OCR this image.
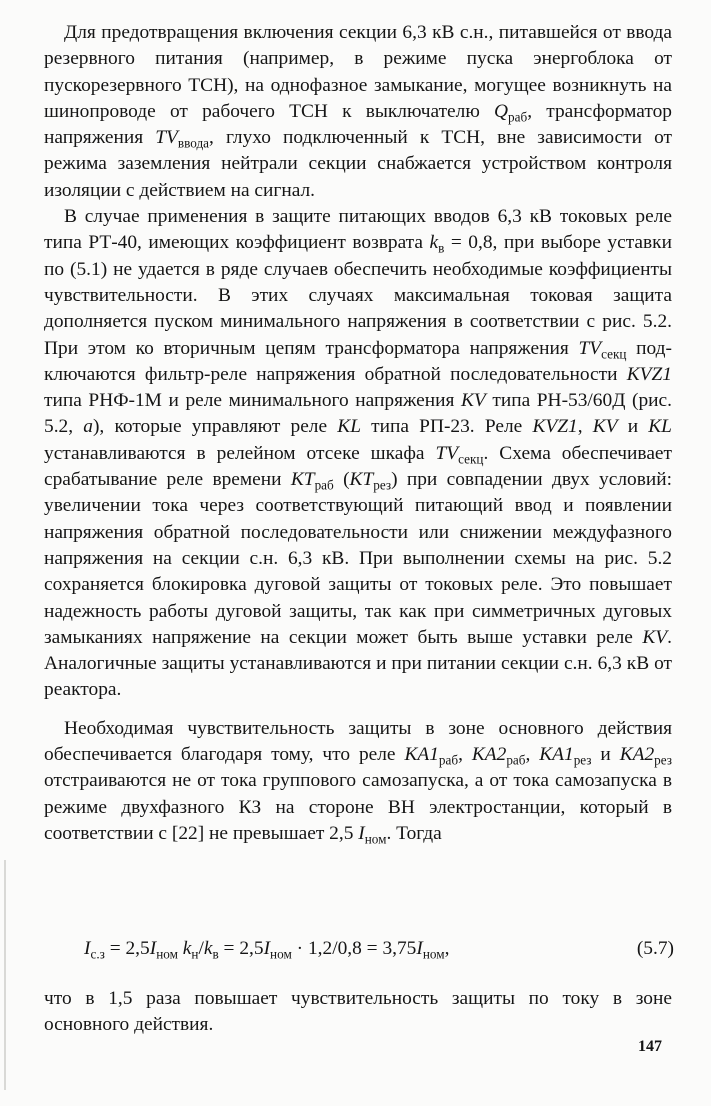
Для предотвращения включения секции 6,3 кВ с.н., питавшейся от ввода резервного питания (например, в режиме пуска энергоблока от пускорезервного ТСН), на однофазное замыкание, могущее возникнуть на шинопроводе от рабочего ТСН к выключателю $Q_{раб}$, трансформатор напряжения $TV_{ввода}$, глухо подключенный к ТСН, вне зависимости от режима заземления нейтрали секции снабжается устройством контроля изоляции с действием на сигнал.

В случае применения в защите питающих вводов 6,3 кВ токовых реле типа РТ-40, имеющих коэффициент возврата $k_в = 0,8$, при выборе уставки по (5.1) не удается в ряде случаев обеспечить необходимые коэффициенты чувствительности. В этих случаях максимальная токовая защита дополняется пуском минимального напряжения в соответствии с рис. 5.2. При этом ко вторичным цепям трансформатора напряжения $TV_{секц}$ подключаются фильтр-реле напряжения обратной последовательности KVZ1 типа РНФ-1М и реле минимального напряжения KV типа РН-53/60Д (рис. 5.2, а), которые управляют реле KL типа РП-23. Реле KVZ1, KV и KL устанавливаются в релейном отсеке шкафа $TV_{секц}$. Схема обеспечивает срабатывание реле времени $KT_{раб}$ $(KT_{рез})$ при совпадении двух условий: увеличении тока через соответствующий питающий ввод и появлении напряжения обратной последовательности или снижении междуфазного напряжения на секции с.н. 6,3 кВ. При выполнении схемы на рис. 5.2 сохраняется блокировка дуговой защиты от токовых реле. Это повышает надежность работы дуговой защиты, так как при симметричных дуговых замыканиях напряжение на секции может быть выше уставки реле KV. Аналогичные защиты устанавливаются и при питании секции с.н. 6,3 кВ от реактора.

Необходимая чувствительность защиты в зоне основного действия обеспечивается благодаря тому, что реле $KA1_{раб}$, $KA2_{раб}$, $KA1_{рез}$ и $KA2_{рез}$ отстраиваются не от тока группового самозапуска, а от тока самозапуска в режиме двухфазного КЗ на стороне ВН электростанции, который в соответствии с [22] не превышает 2,5 $I_{ном}$. Тогда

$I_{с.з} = 2,5I_{ном}$ $k_н/k_в = 2,5I_{ном} \cdot 1,2/0,8 = 3,75I_{ном}$,	(5.7)

что в 1,5 раза повышает чувствительность защиты по току в зоне основного действия.

147
